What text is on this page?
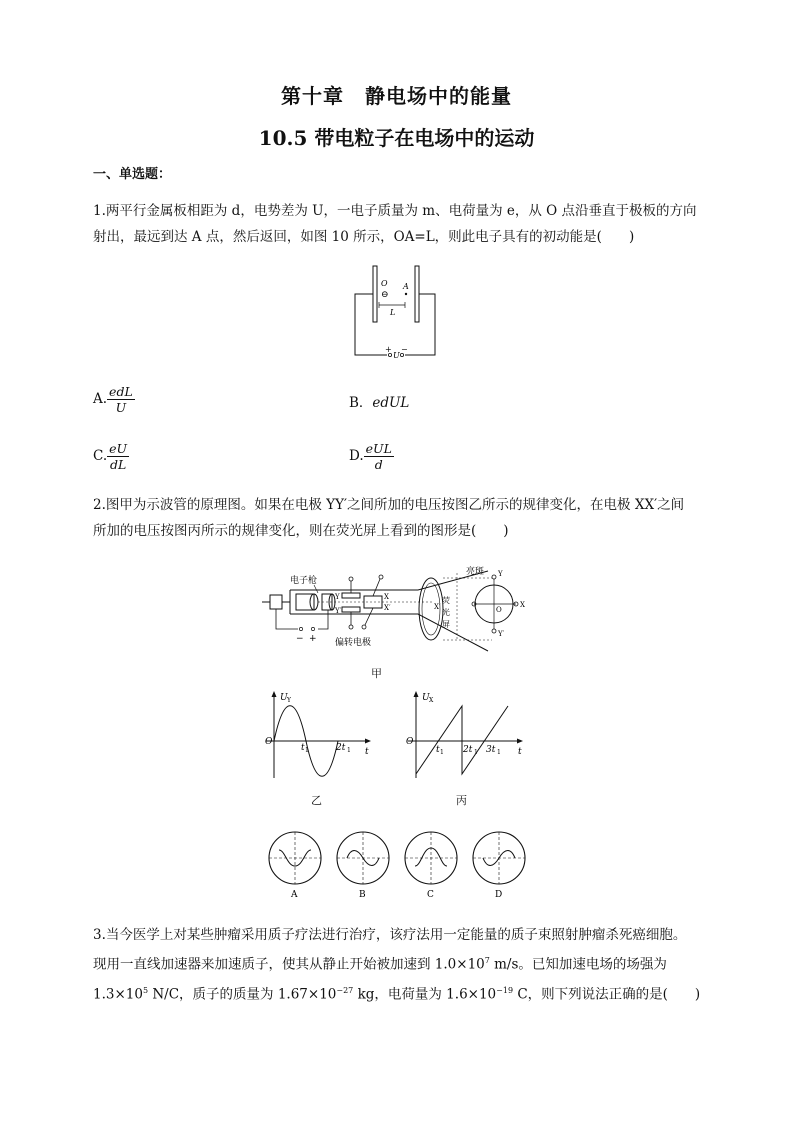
第十章　静电场中的能量
10.5 带电粒子在电场中的运动
一、单选题：
1.两平行金属板相距为 d，电势差为 U，一电子质量为 m、电荷量为 e，从 O 点沿垂直于极板的方向
射出，最远到达 A 点，然后返回，如图 10 所示，OA=L，则此电子具有的初动能是(　　)
+ −
U
O
⊖
A
L
A. $\frac{\text{edL}}{U}$	B．edUL
C. $\frac{eU}{dL}$	D. $\frac{\text{eUL}}{d}$
2.图甲为示波管的原理图。如果在电极 YY′之间所加的电压按图乙所示的规律变化，在电极 XX′之间
所加的电压按图丙所示的规律变化，则在荧光屏上看到的图形是(　　)
Y
Y′
X
X′
荧
光
屏
X′
亮斑 Y
Y′
X
O
电子枪
偏转电极
− +
甲
U Y
O
t 1	2t 1 t
乙
U X
O
t 1 2t 1 3t 1 t
丙
A	B	C	D
3.当今医学上对某些肿瘤采用质子疗法进行治疗，该疗法用一定能量的质子束照射肿瘤杀死癌细胞。
现用一直线加速器来加速质子，使其从静止开始被加速到 $1.0\times 10^7$ m/s。已知加速电场的场强为
$1.3\times 10^5$ N/C，质子的质量为 $1.67\times 10^{-27}$ kg，电荷量为 $1.6\times 10^{-19}$ C，则下列说法正确的是(　　)
